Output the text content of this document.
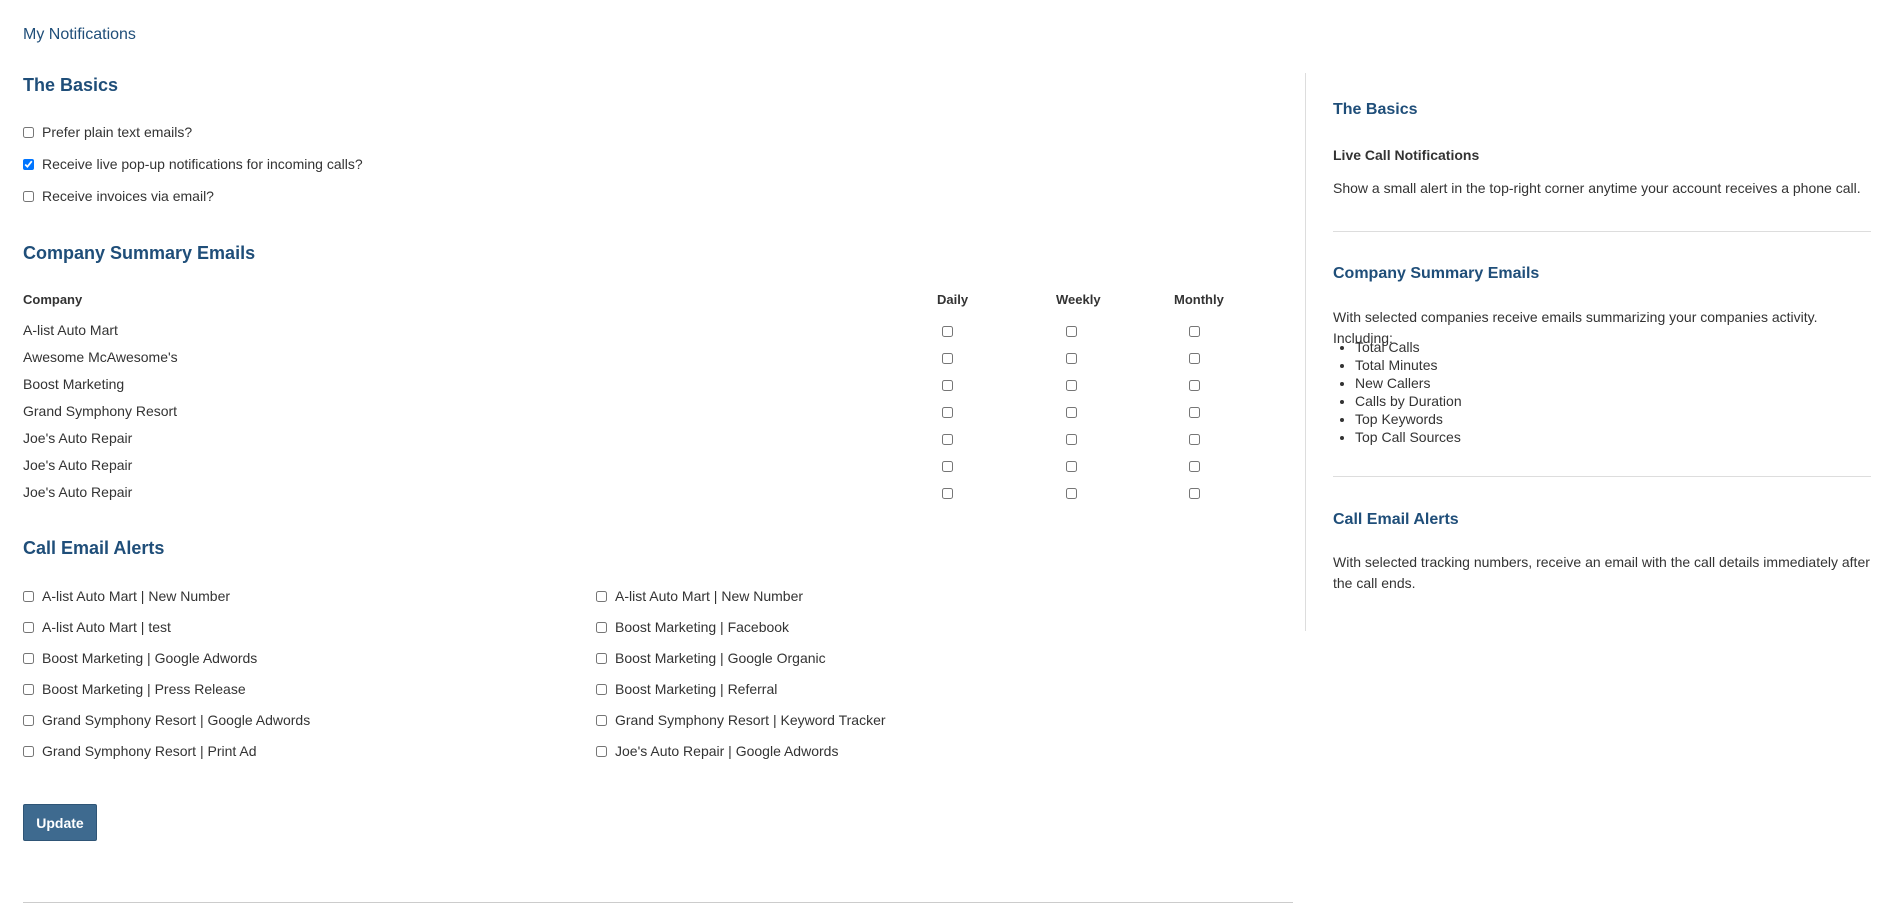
My Notifications
The Basics
Prefer plain text emails?
Receive live pop-up notifications for incoming calls?
Receive invoices via email?
Company Summary Emails
Company	Daily	Weekly	Monthly
A-list Auto Mart
Awesome McAwesome's
Boost Marketing
Grand Symphony Resort
Joe's Auto Repair
Joe's Auto Repair
Joe's Auto Repair
Call Email Alerts
A-list Auto Mart | New Number
A-list Auto Mart | test
Boost Marketing | Google Adwords
Boost Marketing | Press Release
Grand Symphony Resort | Google Adwords
Grand Symphony Resort | Print Ad
A-list Auto Mart | New Number
Boost Marketing | Facebook
Boost Marketing | Google Organic
Boost Marketing | Referral
Grand Symphony Resort | Keyword Tracker
Joe's Auto Repair | Google Adwords
Update
The Basics
Live Call Notifications
Show a small alert in the top-right corner anytime your account receives a phone call.
Company Summary Emails
With selected companies receive emails summarizing your companies activity. Including:
• Total Calls
• Total Minutes
• New Callers
• Calls by Duration
• Top Keywords
• Top Call Sources
Call Email Alerts
With selected tracking numbers, receive an email with the call details immediately after the call ends.
